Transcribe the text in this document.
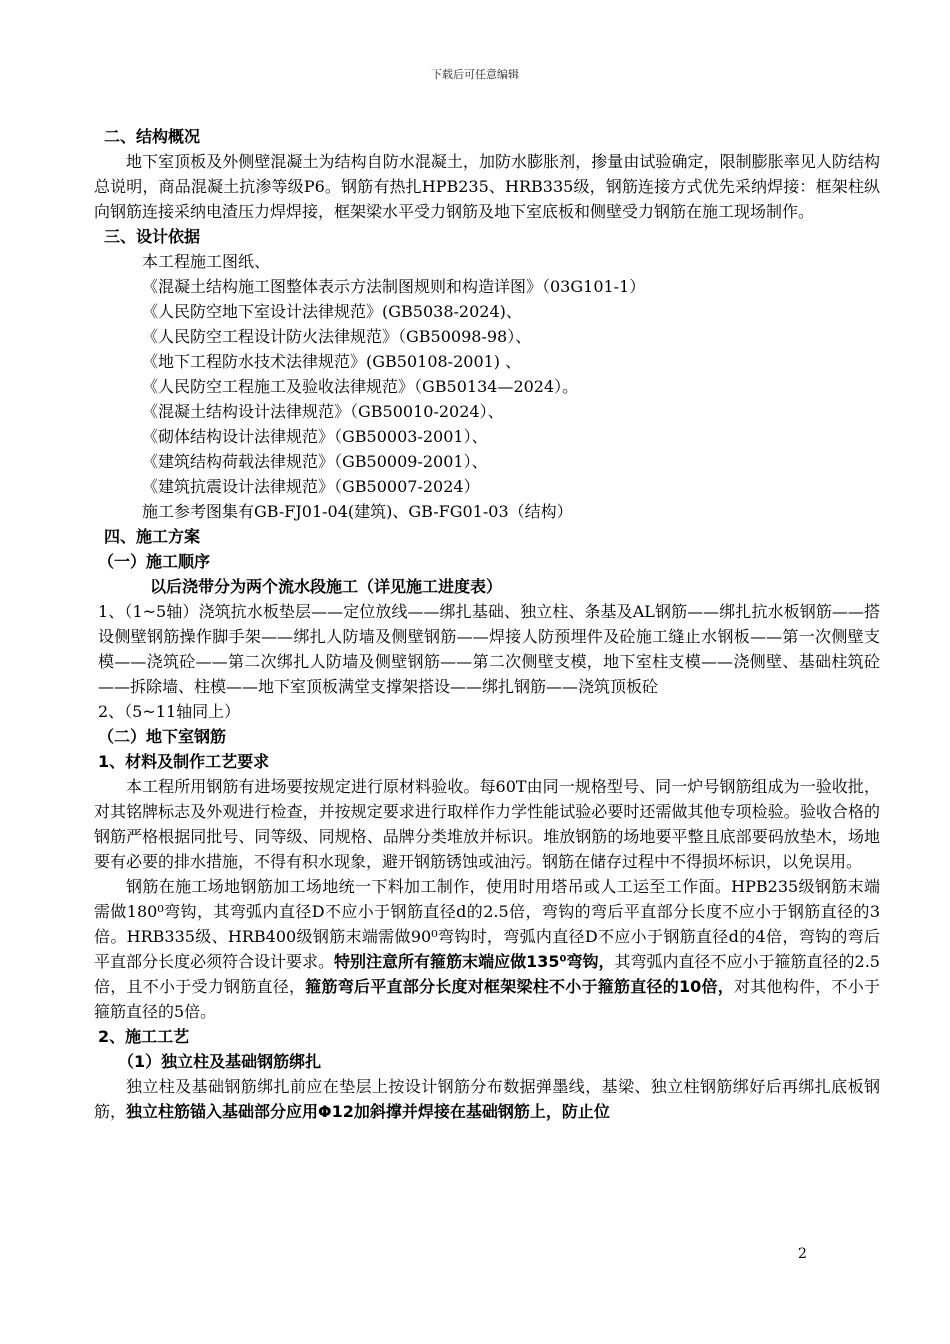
下载后可任意编辑
二、结构概况
地下室顶板及外侧壁混凝土为结构自防水混凝土，加防水膨胀剂，掺量由试验确定，限制膨胀率见人防结构总说明，商品混凝土抗渗等级P6。钢筋有热扎HPB235、HRB335级，钢筋连接方式优先采纳焊接：框架柱纵向钢筋连接采纳电渣压力焊焊接，框架梁水平受力钢筋及地下室底板和侧壁受力钢筋在施工现场制作。
三、设计依据
本工程施工图纸、
《混凝土结构施工图整体表示方法制图规则和构造详图》（03G101-1）
《人民防空地下室设计法律规范》(GB5038-2024)、
《人民防空工程设计防火法律规范》（GB50098-98）、
《地下工程防水技术法律规范》(GB50108-2001) 、
《人民防空工程施工及验收法律规范》（GB50134—2024）。
《混凝土结构设计法律规范》（GB50010-2024）、
《砌体结构设计法律规范》（GB50003-2001）、
《建筑结构荷载法律规范》（GB50009-2001）、
《建筑抗震设计法律规范》（GB50007-2024）
施工参考图集有GB-FJ01-04(建筑)、GB-FG01-03（结构）
四、施工方案
（一）施工顺序
以后浇带分为两个流水段施工（详见施工进度表）
1、（1~5轴）浇筑抗水板垫层——定位放线——绑扎基础、独立柱、条基及AL钢筋——绑扎抗水板钢筋——搭设侧壁钢筋操作脚手架——绑扎人防墙及侧壁钢筋——焊接人防预埋件及砼施工缝止水钢板——第一次侧壁支模——浇筑砼——第二次绑扎人防墙及侧壁钢筋——第二次侧壁支模，地下室柱支模——浇侧壁、基础柱筑砼——拆除墙、柱模——地下室顶板满堂支撑架搭设——绑扎钢筋——浇筑顶板砼
2、（5~11轴同上）
（二）地下室钢筋
1、材料及制作工艺要求
本工程所用钢筋有进场要按规定进行原材料验收。每60T由同一规格型号、同一炉号钢筋组成为一验收批，对其铭牌标志及外观进行检查，并按规定要求进行取样作力学性能试验必要时还需做其他专项检验。验收合格的钢筋严格根据同批号、同等级、同规格、品牌分类堆放并标识。堆放钢筋的场地要平整且底部要码放垫木，场地要有必要的排水措施，不得有积水现象，避开钢筋锈蚀或油污。钢筋在储存过程中不得损坏标识，以免误用。
钢筋在施工场地钢筋加工场地统一下料加工制作，使用时用塔吊或人工运至工作面。HPB235级钢筋末端需做180⁰弯钩，其弯弧内直径D不应小于钢筋直径d的2.5倍，弯钩的弯后平直部分长度不应小于钢筋直径的3倍。HRB335级、HRB400级钢筋末端需做90⁰弯钩时，弯弧内直径D不应小于钢筋直径d的4倍，弯钩的弯后平直部分长度必须符合设计要求。特别注意所有箍筋末端应做135⁰弯钩，其弯弧内直径不应小于箍筋直径的2.5倍，且不小于受力钢筋直径，箍筋弯后平直部分长度对框架梁柱不小于箍筋直径的10倍，对其他构件，不小于箍筋直径的5倍。
2、施工工艺
（1）独立柱及基础钢筋绑扎
独立柱及基础钢筋绑扎前应在垫层上按设计钢筋分布数据弹墨线，基梁、独立柱钢筋绑好后再绑扎底板钢筋，独立柱筋锚入基础部分应用Φ12加斜撑并焊接在基础钢筋上，防止位
2
